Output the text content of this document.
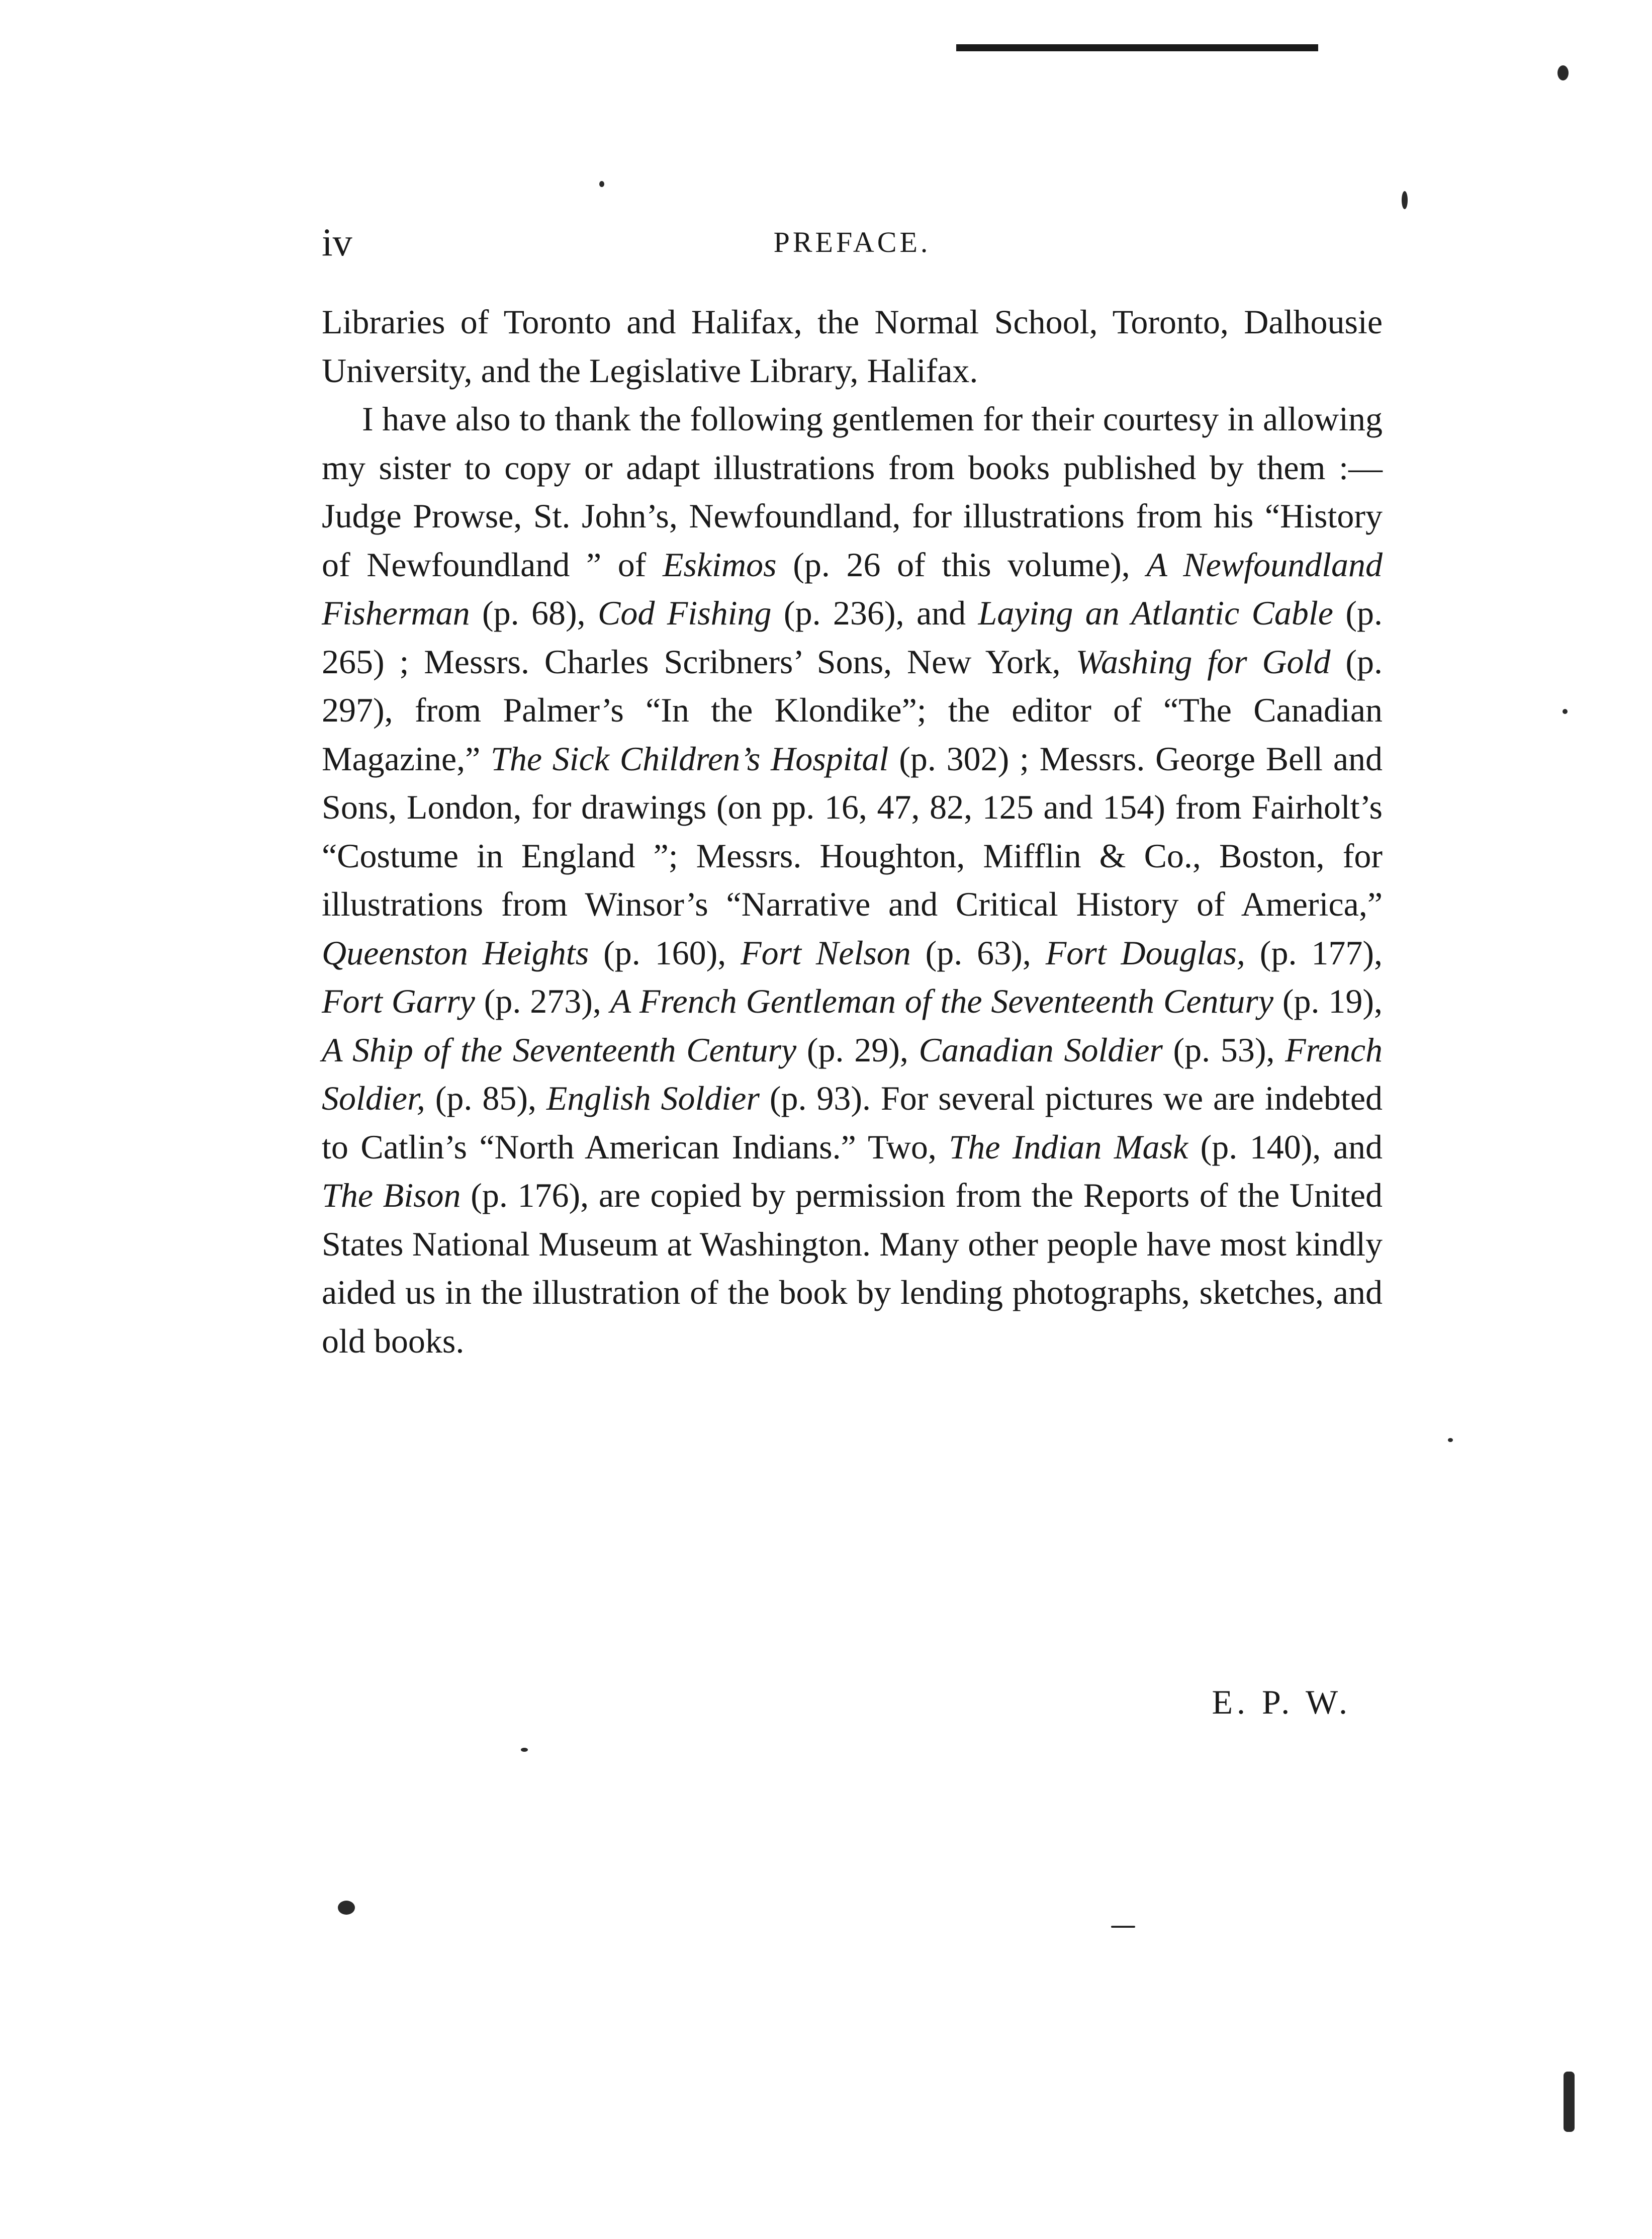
iv	PREFACE.

Libraries of Toronto and Halifax, the Normal School, Toronto, Dalhousie University, and the Legislative Library, Halifax.

I have also to thank the following gentlemen for their courtesy in allowing my sister to copy or adapt illustrations from books published by them :—Judge Prowse, St. John’s, Newfoundland, for illustrations from his “History of Newfoundland ” of Eskimos (p. 26 of this volume), A Newfoundland Fisherman (p. 68), Cod Fishing (p. 236), and Laying an Atlantic Cable (p. 265) ; Messrs. Charles Scribners’ Sons, New York, Washing for Gold (p. 297), from Palmer’s “In the Klondike”; the editor of “The Canadian Magazine,” The Sick Children’s Hospital (p. 302) ; Messrs. George Bell and Sons, London, for drawings (on pp. 16, 47, 82, 125 and 154) from Fairholt’s “Costume in England ”; Messrs. Houghton, Mifflin & Co., Boston, for illustrations from Winsor’s “Narrative and Critical History of America,” Queenston Heights (p. 160), Fort Nelson (p. 63), Fort Douglas, (p. 177), Fort Garry (p. 273), A French Gentleman of the Seventeenth Century (p. 19), A Ship of the Seventeenth Century (p. 29), Canadian Soldier (p. 53), French Soldier, (p. 85), English Soldier (p. 93). For several pictures we are indebted to Catlin’s “North American Indians.” Two, The Indian Mask (p. 140), and The Bison (p. 176), are copied by permission from the Reports of the United States National Museum at Washington. Many other people have most kindly aided us in the illustration of the book by lending photographs, sketches, and old books.

E. P. W.
